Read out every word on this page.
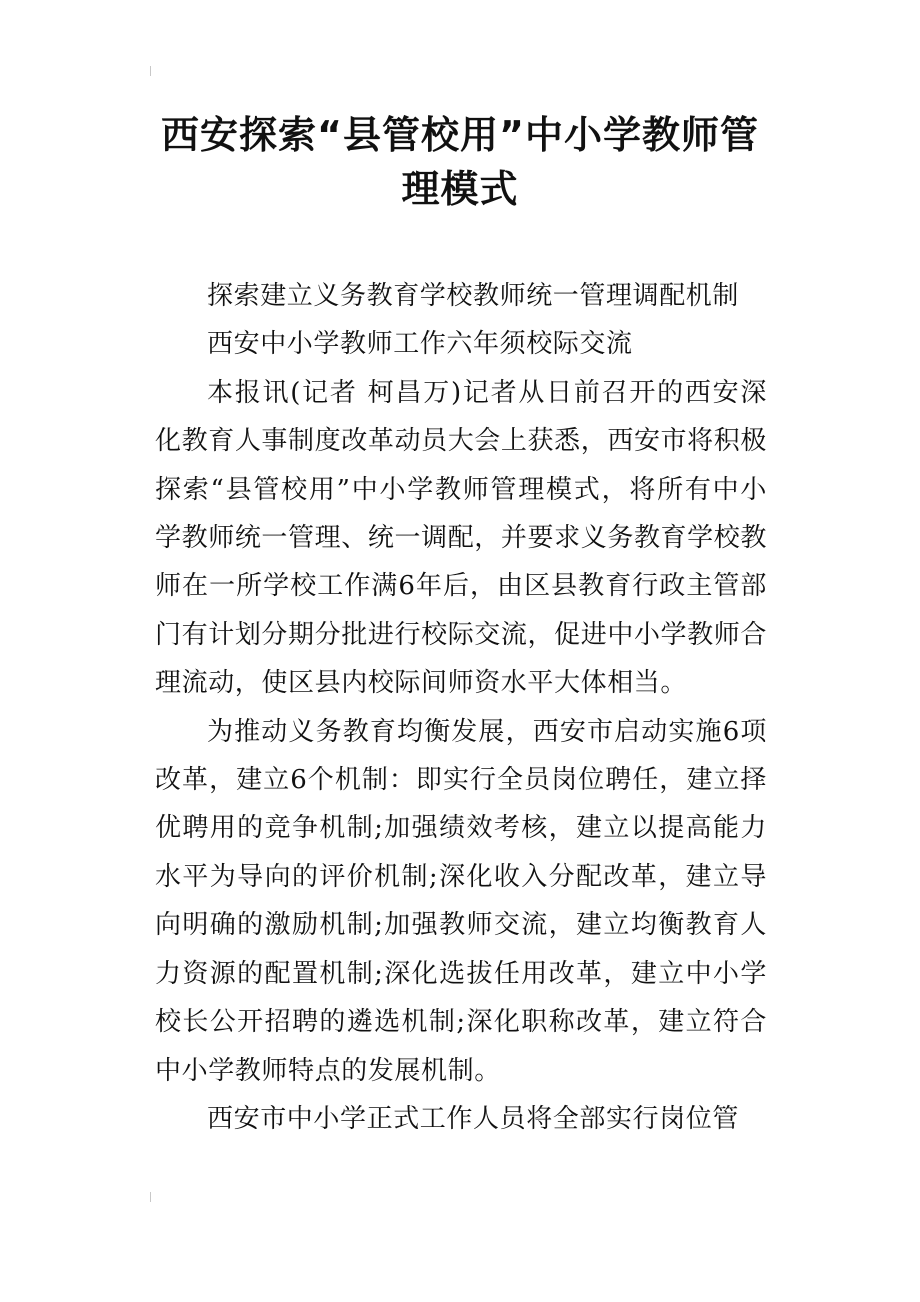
西安探索“县管校用”中小学教师管理模式

探索建立义务教育学校教师统一管理调配机制

西安中小学教师工作六年须校际交流

本报讯(记者 柯昌万)记者从日前召开的西安深化教育人事制度改革动员大会上获悉，西安市将积极探索“县管校用”中小学教师管理模式，将所有中小学教师统一管理、统一调配，并要求义务教育学校教师在一所学校工作满6年后，由区县教育行政主管部门有计划分期分批进行校际交流，促进中小学教师合理流动，使区县内校际间师资水平大体相当。

为推动义务教育均衡发展，西安市启动实施6项改革，建立6个机制：即实行全员岗位聘任，建立择优聘用的竞争机制;加强绩效考核，建立以提高能力水平为导向的评价机制;深化收入分配改革，建立导向明确的激励机制;加强教师交流，建立均衡教育人力资源的配置机制;深化选拔任用改革，建立中小学校长公开招聘的遴选机制;深化职称改革，建立符合中小学教师特点的发展机制。

西安市中小学正式工作人员将全部实行岗位管
